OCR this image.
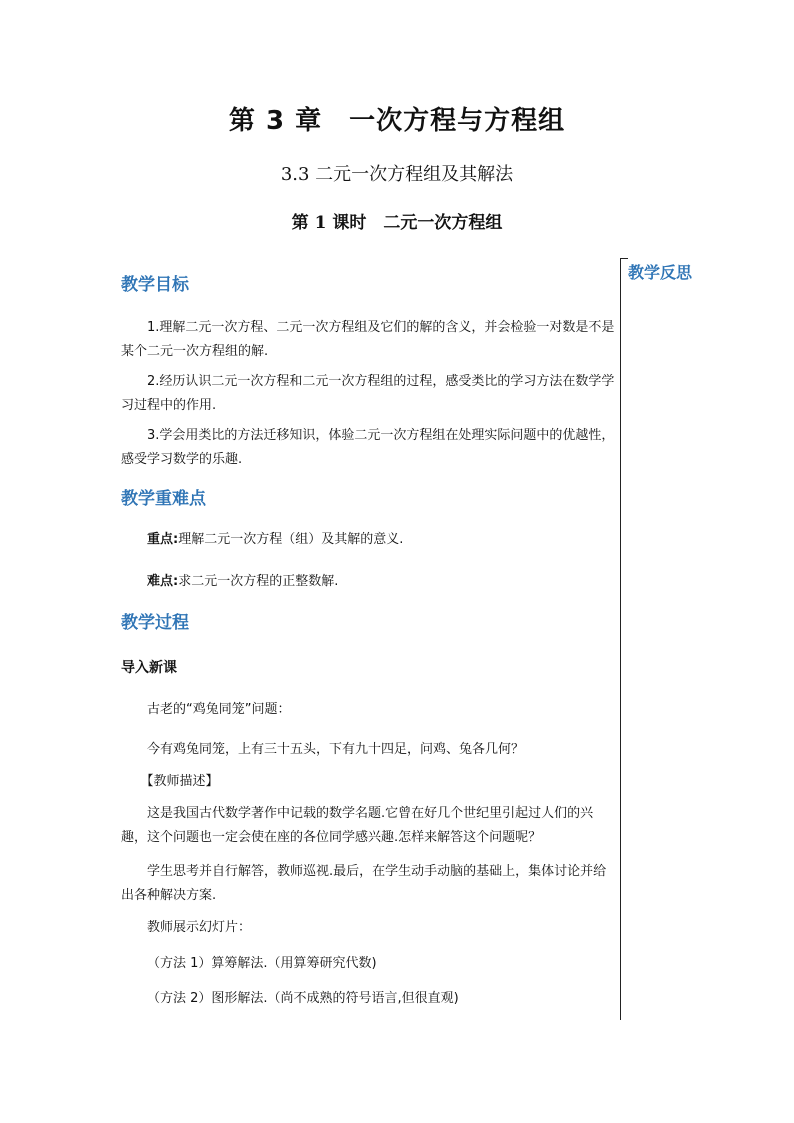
第 3 章　一次方程与方程组
3.3 二元一次方程组及其解法
第 1 课时　二元一次方程组
教学反思
教学目标
1.理解二元一次方程、二元一次方程组及它们的解的含义，并会检验一对数是不是某个二元一次方程组的解.
2.经历认识二元一次方程和二元一次方程组的过程，感受类比的学习方法在数学学习过程中的作用.
3.学会用类比的方法迁移知识，体验二元一次方程组在处理实际问题中的优越性，感受学习数学的乐趣.
教学重难点
重点:理解二元一次方程（组）及其解的意义.
难点:求二元一次方程的正整数解.
教学过程
导入新课
古老的“鸡兔同笼”问题：
今有鸡兔同笼，上有三十五头，下有九十四足，问鸡、兔各几何？
【教师描述】
这是我国古代数学著作中记载的数学名题.它曾在好几个世纪里引起过人们的兴趣，这个问题也一定会使在座的各位同学感兴趣.怎样来解答这个问题呢？
学生思考并自行解答，教师巡视.最后，在学生动手动脑的基础上，集体讨论并给出各种解决方案.
教师展示幻灯片：
（方法 1）算筹解法.（用算筹研究代数)
（方法 2）图形解法.（尚不成熟的符号语言,但很直观)
